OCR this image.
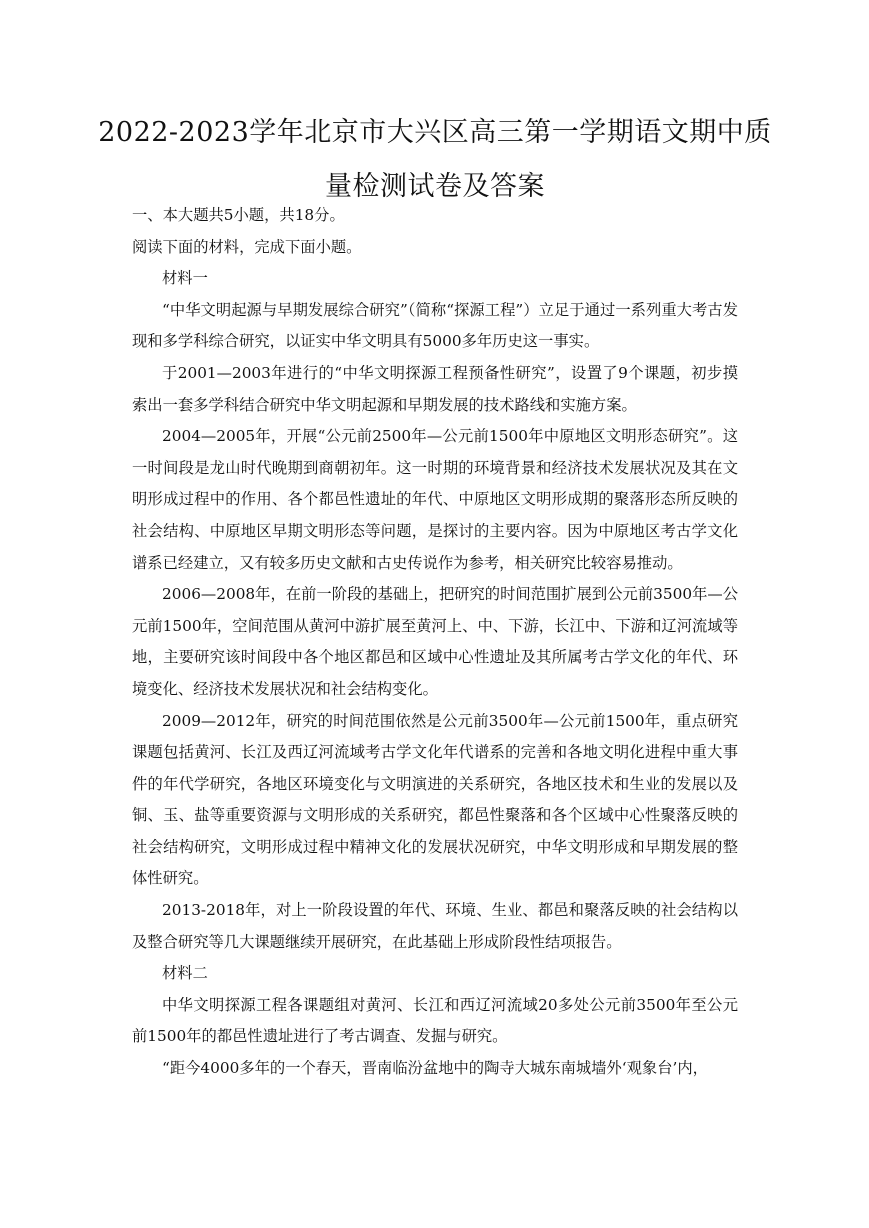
2022-2023学年北京市大兴区高三第一学期语文期中质量检测试卷及答案

一、本大题共5小题，共18分。

阅读下面的材料，完成下面小题。

材料一

“中华文明起源与早期发展综合研究”（简称“探源工程”）立足于通过一系列重大考古发现和多学科综合研究，以证实中华文明具有5000多年历史这一事实。

于2001—2003年进行的“中华文明探源工程预备性研究”，设置了9个课题，初步摸索出一套多学科结合研究中华文明起源和早期发展的技术路线和实施方案。

2004—2005年，开展“公元前2500年—公元前1500年中原地区文明形态研究”。这一时间段是龙山时代晚期到商朝初年。这一时期的环境背景和经济技术发展状况及其在文明形成过程中的作用、各个都邑性遗址的年代、中原地区文明形成期的聚落形态所反映的社会结构、中原地区早期文明形态等问题，是探讨的主要内容。因为中原地区考古学文化谱系已经建立，又有较多历史文献和古史传说作为参考，相关研究比较容易推动。

2006—2008年，在前一阶段的基础上，把研究的时间范围扩展到公元前3500年—公元前1500年，空间范围从黄河中游扩展至黄河上、中、下游，长江中、下游和辽河流域等地，主要研究该时间段中各个地区都邑和区域中心性遗址及其所属考古学文化的年代、环境变化、经济技术发展状况和社会结构变化。

2009—2012年，研究的时间范围依然是公元前3500年—公元前1500年，重点研究课题包括黄河、长江及西辽河流域考古学文化年代谱系的完善和各地文明化进程中重大事件的年代学研究，各地区环境变化与文明演进的关系研究，各地区技术和生业的发展以及铜、玉、盐等重要资源与文明形成的关系研究，都邑性聚落和各个区域中心性聚落反映的社会结构研究，文明形成过程中精神文化的发展状况研究，中华文明形成和早期发展的整体性研究。

2013-2018年，对上一阶段设置的年代、环境、生业、都邑和聚落反映的社会结构以及整合研究等几大课题继续开展研究，在此基础上形成阶段性结项报告。

材料二

中华文明探源工程各课题组对黄河、长江和西辽河流域20多处公元前3500年至公元前1500年的都邑性遗址进行了考古调查、发掘与研究。

“距今4000多年的一个春天，晋南临汾盆地中的陶寺大城东南城墙外‘观象台’内，
